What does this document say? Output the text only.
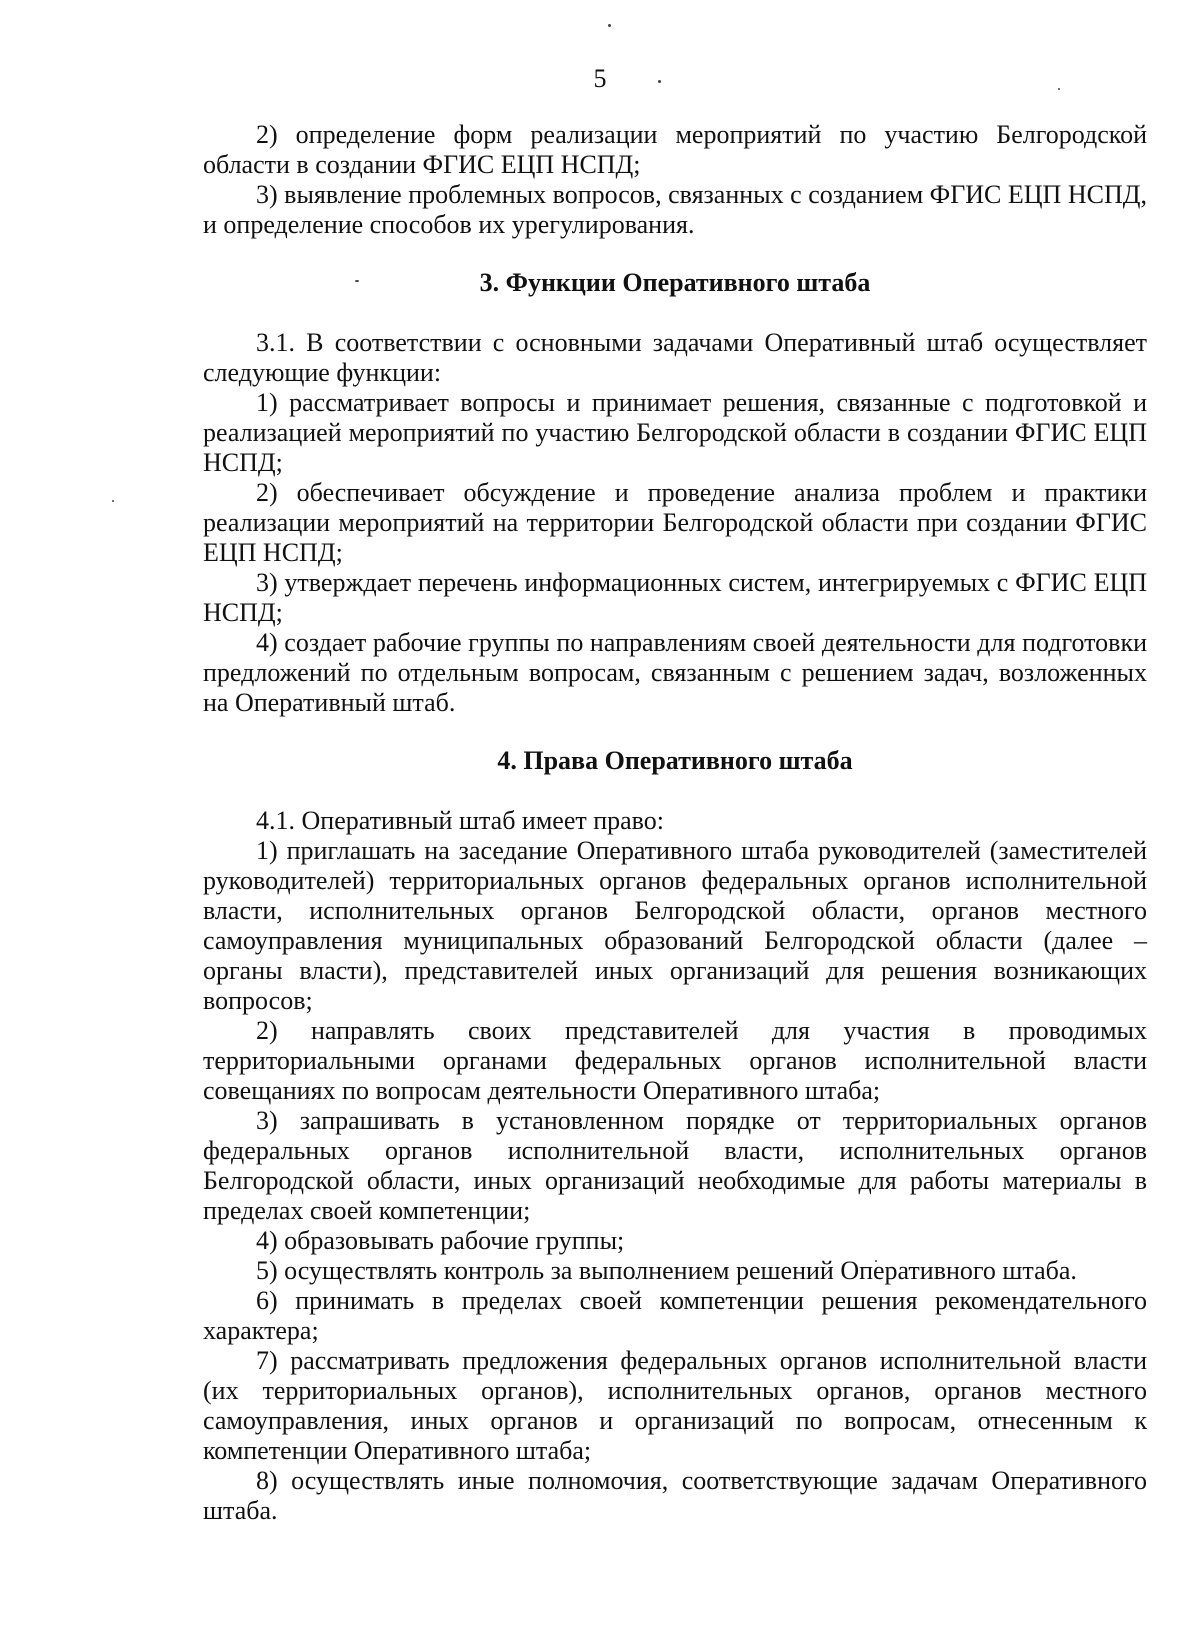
5

2) определение форм реализации мероприятий по участию Белгородской области в создании ФГИС ЕЦП НСПД;

3) выявление проблемных вопросов, связанных с созданием ФГИС ЕЦП НСПД, и определение способов их урегулирования.

3. Функции Оперативного штаба

3.1. В соответствии с основными задачами Оперативный штаб осуществляет следующие функции:

1) рассматривает вопросы и принимает решения, связанные с подготовкой и реализацией мероприятий по участию Белгородской области в создании ФГИС ЕЦП НСПД;

2) обеспечивает обсуждение и проведение анализа проблем и практики реализации мероприятий на территории Белгородской области при создании ФГИС ЕЦП НСПД;

3) утверждает перечень информационных систем, интегрируемых с ФГИС ЕЦП НСПД;

4) создает рабочие группы по направлениям своей деятельности для подготовки предложений по отдельным вопросам, связанным с решением задач, возложенных на Оперативный штаб.

4. Права Оперативного штаба

4.1. Оперативный штаб имеет право:

1) приглашать на заседание Оперативного штаба руководителей (заместителей руководителей) территориальных органов федеральных органов исполнительной власти, исполнительных органов Белгородской области, органов местного самоуправления муниципальных образований Белгородской области (далее – органы власти), представителей иных организаций для решения возникающих вопросов;

2) направлять своих представителей для участия в проводимых территориальными органами федеральных органов исполнительной власти совещаниях по вопросам деятельности Оперативного штаба;

3) запрашивать в установленном порядке от территориальных органов федеральных органов исполнительной власти, исполнительных органов Белгородской области, иных организаций необходимые для работы материалы в пределах своей компетенции;

4) образовывать рабочие группы;

5) осуществлять контроль за выполнением решений Оперативного штаба.

6) принимать в пределах своей компетенции решения рекомендательного характера;

7) рассматривать предложения федеральных органов исполнительной власти (их территориальных органов), исполнительных органов, органов местного самоуправления, иных органов и организаций по вопросам, отнесенным к компетенции Оперативного штаба;

8) осуществлять иные полномочия, соответствующие задачам Оперативного штаба.
